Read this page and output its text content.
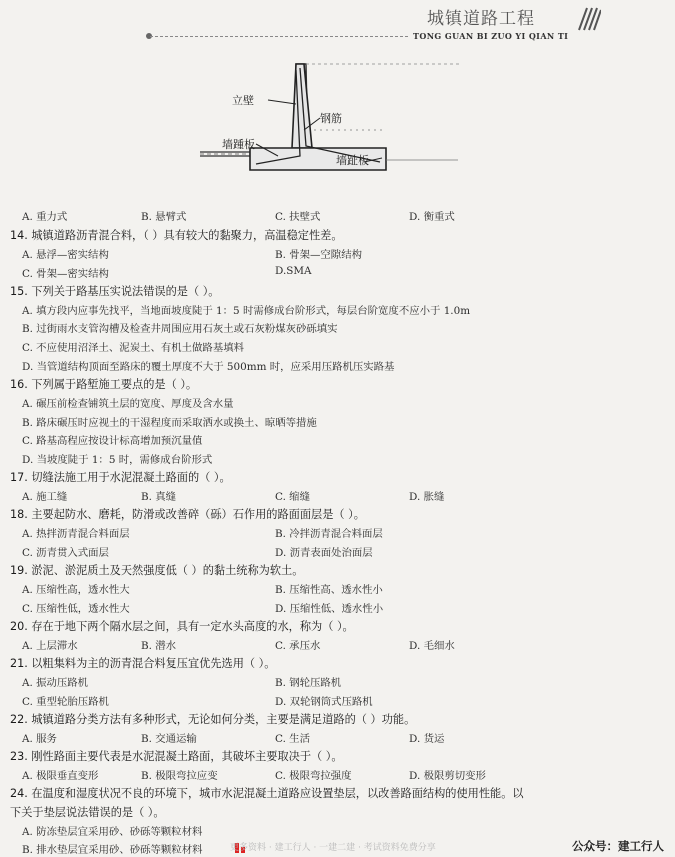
城镇道路工程
TONG GUAN BI ZUO YI QIAN TI
立壁
钢筋
墙踵板
墙趾板
A. 重力式	B. 悬臂式	C. 扶壁式	D. 衡重式
14. 城镇道路沥青混合料，（ ）具有较大的黏聚力，高温稳定性差。
A. 悬浮—密实结构	B. 骨架—空隙结构
C. 骨架—密实结构	D.SMA
15. 下列关于路基压实说法错误的是（ ）。
A. 填方段内应事先找平，当地面坡度陡于 1：5 时需修成台阶形式，每层台阶宽度不应小于 1.0m
B. 过街雨水支管沟槽及检查井周围应用石灰土或石灰粉煤灰砂砾填实
C. 不应使用沼泽土、泥炭土、有机土做路基填料
D. 当管道结构顶面至路床的覆土厚度不大于 500mm 时，应采用压路机压实路基
16. 下列属于路堑施工要点的是（ ）。
A. 碾压前检查铺筑土层的宽度、厚度及含水量
B. 路床碾压时应视土的干湿程度而采取洒水或换土、晾晒等措施
C. 路基高程应按设计标高增加预沉量值
D. 当坡度陡于 1：5 时，需修成台阶形式
17. 切缝法施工用于水泥混凝土路面的（ ）。
A. 施工缝	B. 真缝	C. 缩缝	D. 胀缝
18. 主要起防水、磨耗，防滑或改善碎（砾）石作用的路面面层是（ ）。
A. 热拌沥青混合料面层	B. 冷拌沥青混合料面层
C. 沥青贯入式面层	D. 沥青表面处治面层
19. 淤泥、淤泥质土及天然强度低（ ）的黏土统称为软土。
A. 压缩性高，透水性大	B. 压缩性高、透水性小
C. 压缩性低，透水性大	D. 压缩性低、透水性小
20. 存在于地下两个隔水层之间，具有一定水头高度的水，称为（ ）。
A. 上层滞水	B. 潜水	C. 承压水	D. 毛细水
21. 以粗集料为主的沥青混合料复压宜优先选用（ ）。
A. 振动压路机	B. 钢轮压路机
C. 重型轮胎压路机	D. 双轮钢筒式压路机
22. 城镇道路分类方法有多种形式，无论如何分类，主要是满足道路的（ ）功能。
A. 服务	B. 交通运输	C. 生活	D. 货运
23. 刚性路面主要代表是水泥混凝土路面，其破坏主要取决于（ ）。
A. 极限垂直变形	B. 极限弯拉应变	C. 极限弯拉强度	D. 极限剪切变形
24. 在温度和湿度状况不良的环境下，城市水泥混凝土道路应设置垫层，以改善路面结构的使用性能。以
下关于垫层说法错误的是（ ）。
A. 防冻垫层宜采用砂、砂砾等颗粒材料
B. 排水垫层宜采用砂、砂砾等颗粒材料	更多资料 · 建工行人 · 一建二建 · 考试资料免费分享	公众号：建工行人
